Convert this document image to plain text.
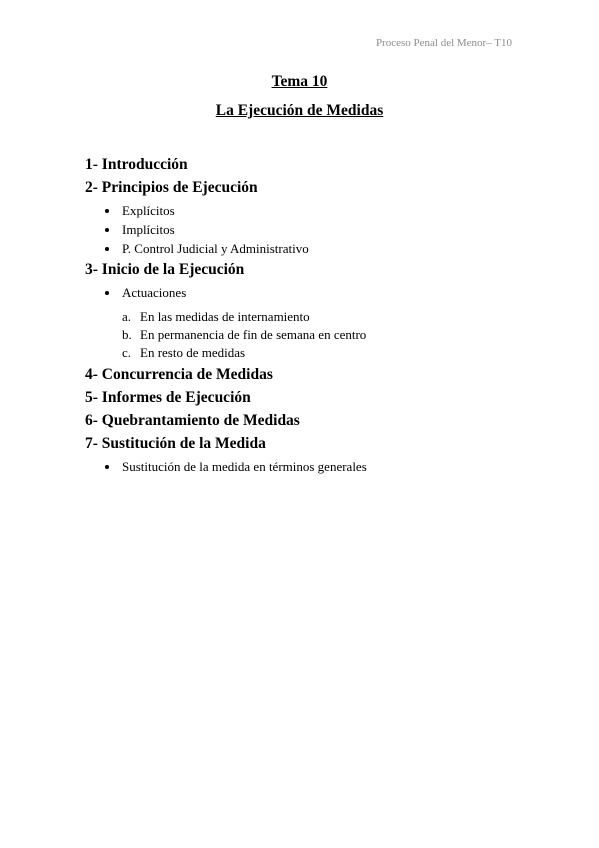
Proceso Penal del Menor– T10
Tema 10
La Ejecución de Medidas
1- Introducción
2- Principios de Ejecución
Explícitos
Implícitos
P. Control Judicial y Administrativo
3- Inicio de la Ejecución
Actuaciones
a. En las medidas de internamiento
b. En permanencia de fin de semana en centro
c. En resto de medidas
4- Concurrencia de Medidas
5- Informes de Ejecución
6- Quebrantamiento de Medidas
7- Sustitución de la Medida
Sustitución de la medida en términos generales
